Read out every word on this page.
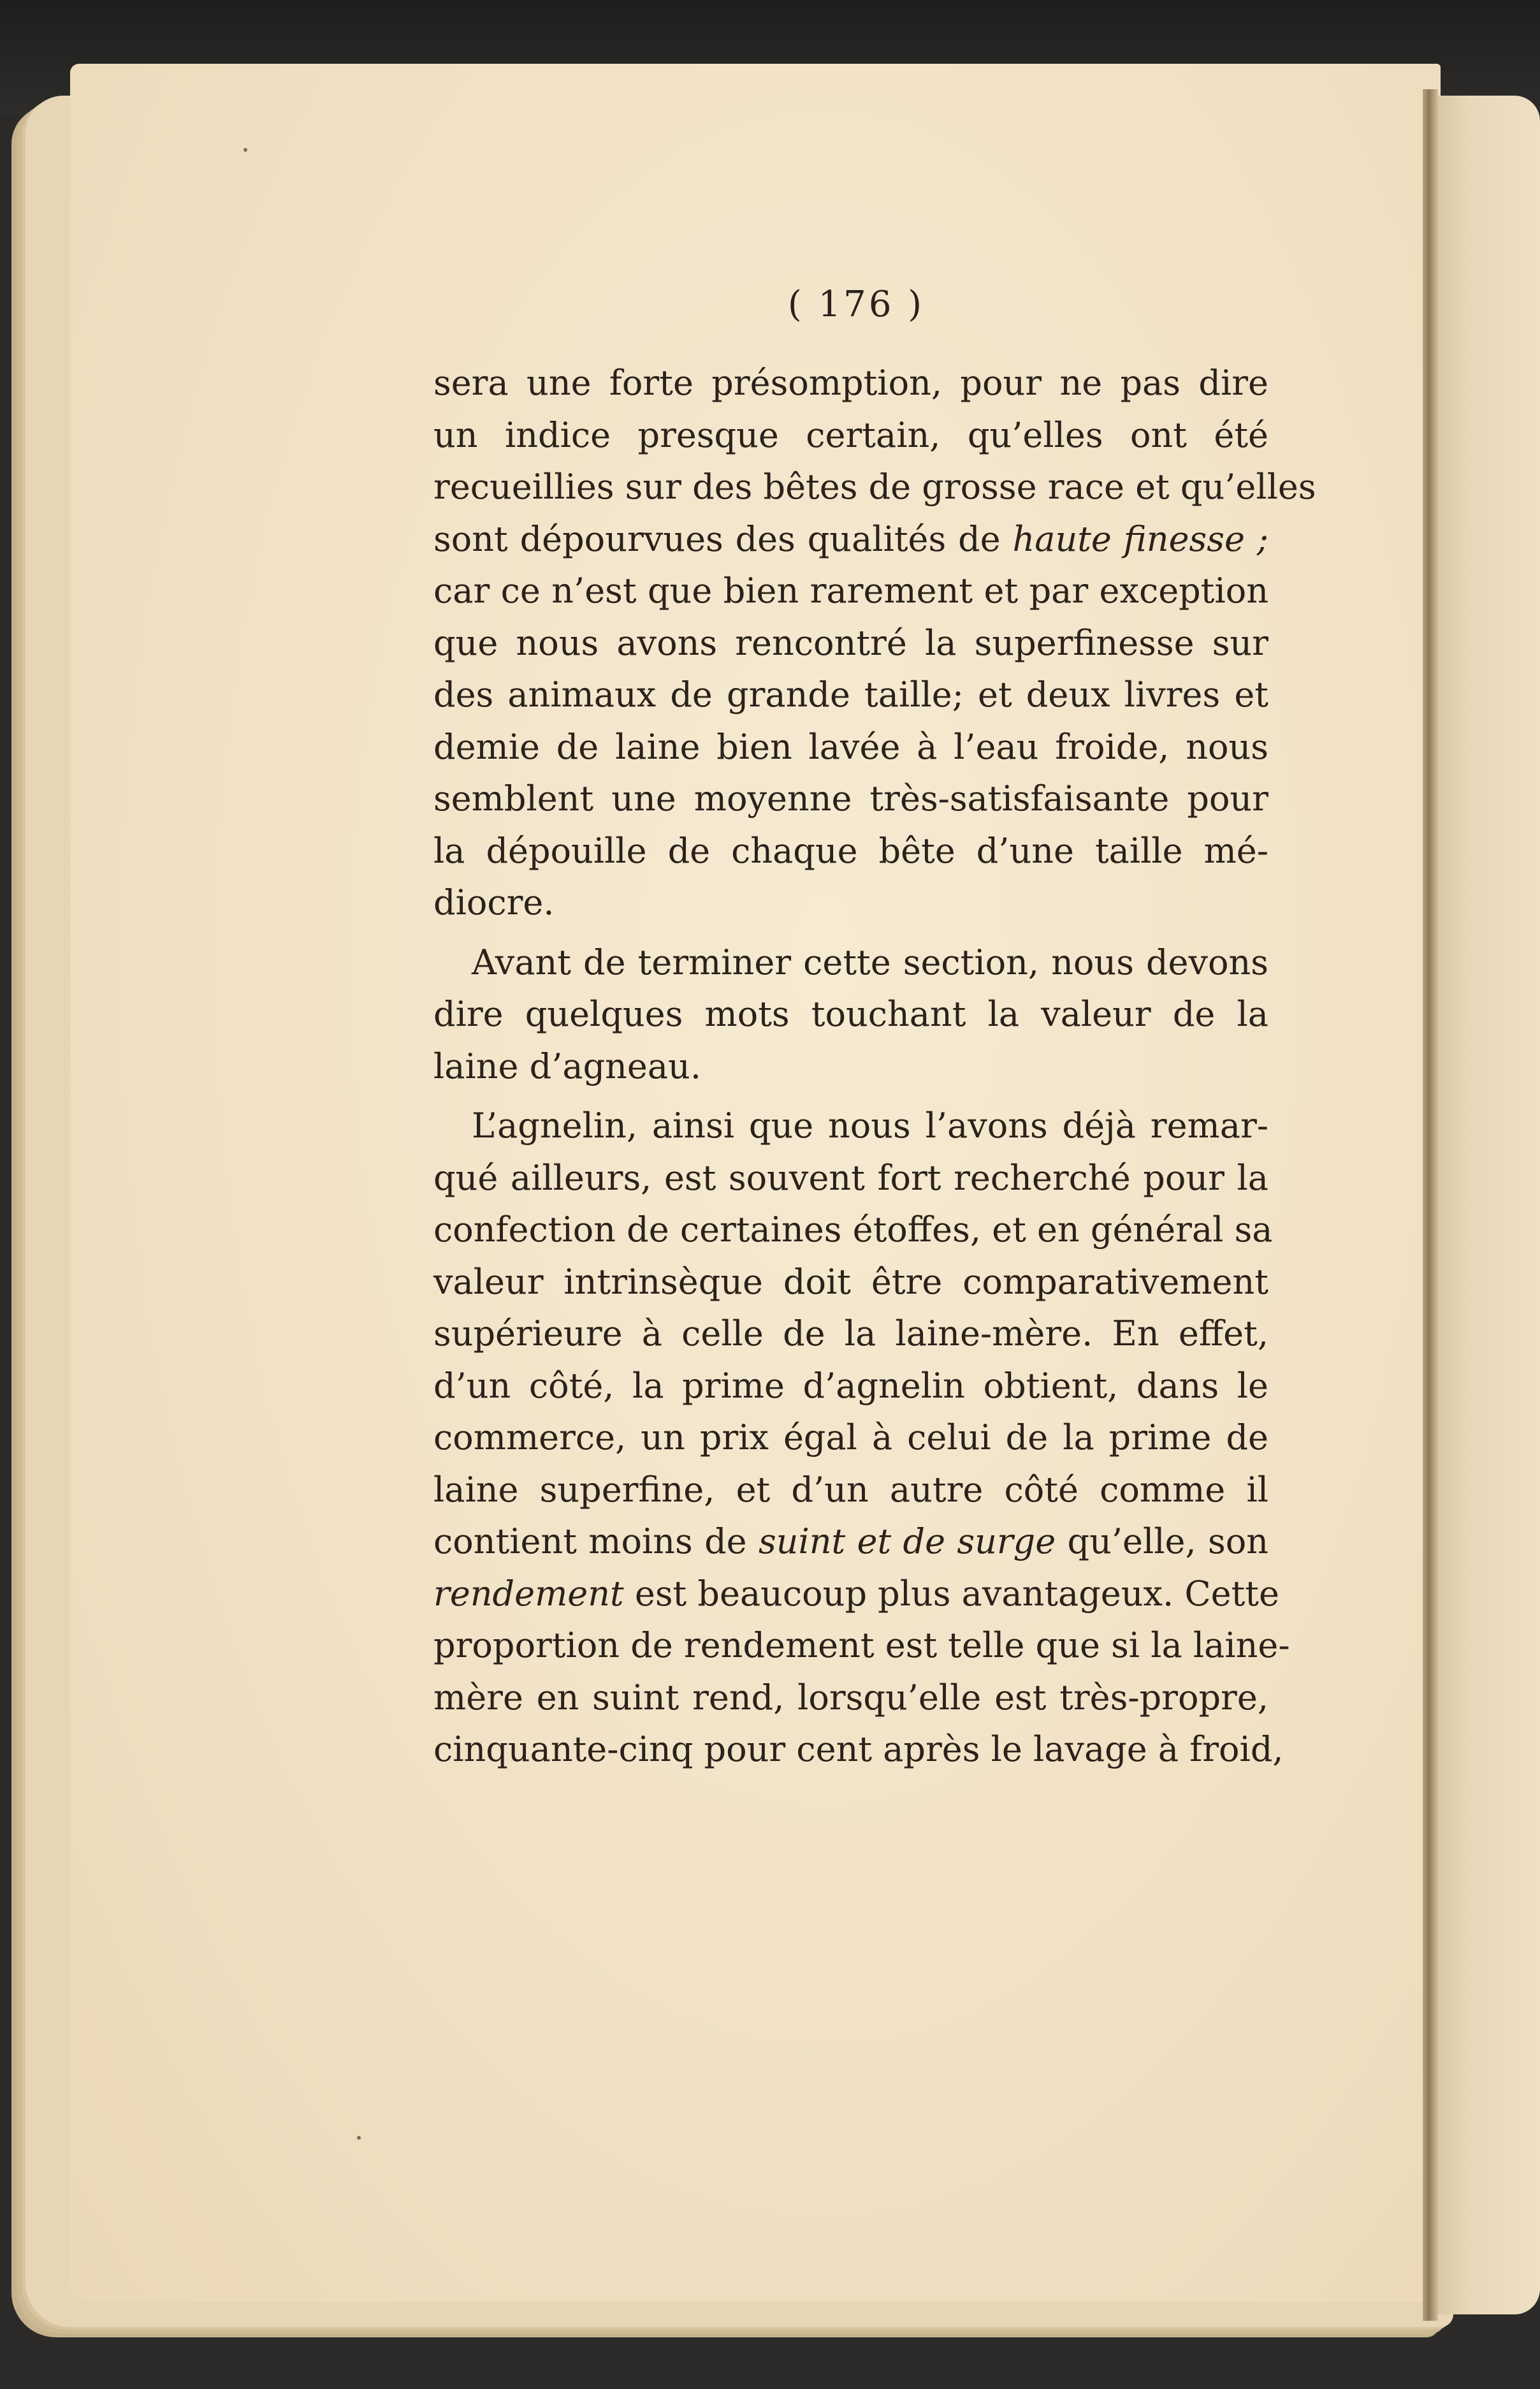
( 176 )
sera une forte présomption, pour ne pas dire
un indice presque certain, qu’elles ont été
recueillies sur des bêtes de grosse race et qu’elles
sont dépourvues des qualités de haute finesse ;
car ce n’est que bien rarement et par exception
que nous avons rencontré la superfinesse sur
des animaux de grande taille; et deux livres et
demie de laine bien lavée à l’eau froide, nous
semblent une moyenne très-satisfaisante pour
la dépouille de chaque bête d’une taille mé-
diocre.
Avant de terminer cette section, nous devons
dire quelques mots touchant la valeur de la
laine d’agneau.
L’agnelin, ainsi que nous l’avons déjà remar-
qué ailleurs, est souvent fort recherché pour la
confection de certaines étoffes, et en général sa
valeur intrinsèque doit être comparativement
supérieure à celle de la laine-mère. En effet,
d’un côté, la prime d’agnelin obtient, dans le
commerce, un prix égal à celui de la prime de
laine superfine, et d’un autre côté comme il
contient moins de suint et de surge qu’elle, son
rendement est beaucoup plus avantageux. Cette
proportion de rendement est telle que si la laine-
mère en suint rend, lorsqu’elle est très-propre,
cinquante-cinq pour cent après le lavage à froid,
